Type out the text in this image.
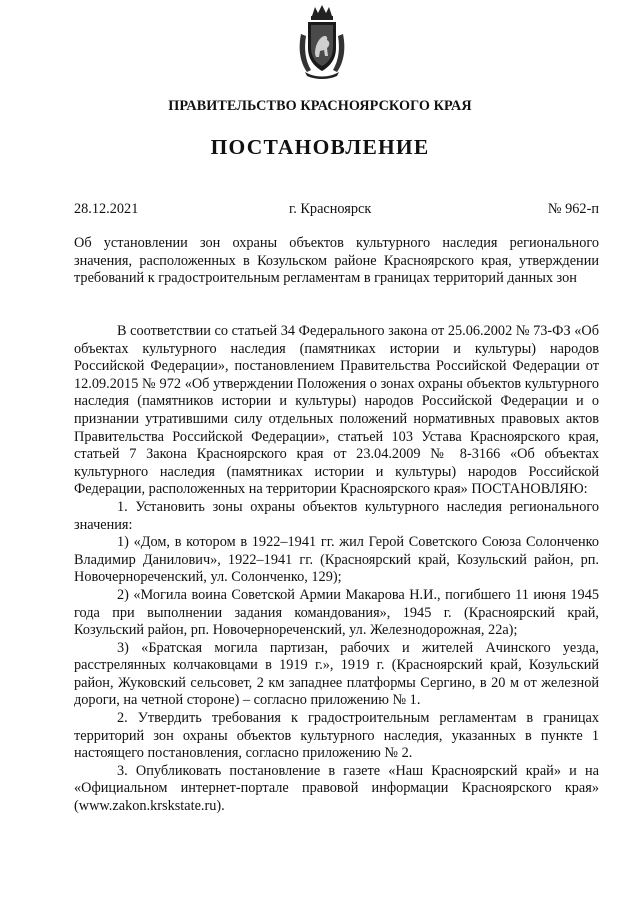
ПРАВИТЕЛЬСТВО КРАСНОЯРСКОГО КРАЯ
ПОСТАНОВЛЕНИЕ
28.12.2021	г. Красноярск	№ 962-п
Об установлении зон охраны объектов культурного наследия регионального значения, расположенных в Козульском районе Красноярского края, утверждении требований к градостроительным регламентам в границах территорий данных зон

В соответствии со статьей 34 Федерального закона от 25.06.2002 № 73-ФЗ «Об объектах культурного наследия (памятниках истории и культуры) народов Российской Федерации», постановлением Правительства Российской Федерации от 12.09.2015 № 972 «Об утверждении Положения о зонах охраны объектов культурного наследия (памятников истории и культуры) народов Российской Федерации и о признании утратившими силу отдельных положений нормативных правовых актов Правительства Российской Федерации», статьей 103 Устава Красноярского края, статьей 7 Закона Красноярского края от 23.04.2009 № 8-3166 «Об объектах культурного наследия (памятниках истории и культуры) народов Российской Федерации, расположенных на территории Красноярского края» ПОСТАНОВЛЯЮ:

1. Установить зоны охраны объектов культурного наследия регионального значения:

1) «Дом, в котором в 1922–1941 гг. жил Герой Советского Союза Солонченко Владимир Данилович», 1922–1941 гг. (Красноярский край, Козульский район, рп. Новочернореченский, ул. Солонченко, 129);

2) «Могила воина Советской Армии Макарова Н.И., погибшего 11 июня 1945 года при выполнении задания командования», 1945 г. (Красноярский край, Козульский район, рп. Новочернореченский, ул. Железнодорожная, 22а);

3) «Братская могила партизан, рабочих и жителей Ачинского уезда, расстрелянных колчаковцами в 1919 г.», 1919 г. (Красноярский край, Козульский район, Жуковский сельсовет, 2 км западнее платформы Сергино, в 20 м от железной дороги, на четной стороне) – согласно приложению № 1.

2. Утвердить требования к градостроительным регламентам в границах территорий зон охраны объектов культурного наследия, указанных в пункте 1 настоящего постановления, согласно приложению № 2.

3. Опубликовать постановление в газете «Наш Красноярский край» и на «Официальном интернет-портале правовой информации Красноярского края» (www.zakon.krskstate.ru).
